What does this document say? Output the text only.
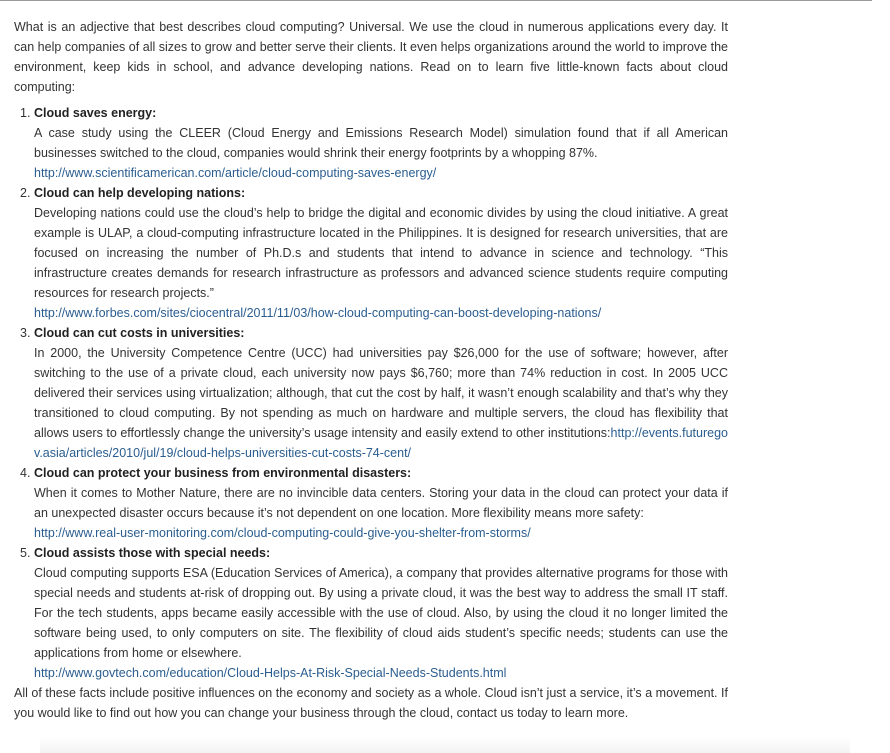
What is an adjective that best describes cloud computing? Universal. We use the cloud in numerous applications every day. It can help companies of all sizes to grow and better serve their clients. It even helps organizations around the world to improve the environment, keep kids in school, and advance developing nations. Read on to learn five little-known facts about cloud computing:

1. Cloud saves energy:

A case study using the CLEER (Cloud Energy and Emissions Research Model) simulation found that if all American businesses switched to the cloud, companies would shrink their energy footprints by a whopping 87%.
http://www.scientificamerican.com/article/cloud-computing-saves-energy/

2. Cloud can help developing nations:

Developing nations could use the cloud’s help to bridge the digital and economic divides by using the cloud initiative. A great example is ULAP, a cloud-computing infrastructure located in the Philippines. It is designed for research universities, that are focused on increasing the number of Ph.D.s and students that intend to advance in science and technology. “This infrastructure creates demands for research infrastructure as professors and advanced science students require computing resources for research projects.”
http://www.forbes.com/sites/ciocentral/2011/11/03/how-cloud-computing-can-boost-developing-nations/

3. Cloud can cut costs in universities:

In 2000, the University Competence Centre (UCC) had universities pay $26,000 for the use of software; however, after switching to the use of a private cloud, each university now pays $6,760; more than 74% reduction in cost. In 2005 UCC delivered their services using virtualization; although, that cut the cost by half, it wasn’t enough scalability and that’s why they transitioned to cloud computing. By not spending as much on hardware and multiple servers, the cloud has flexibility that allows users to effortlessly change the university’s usage intensity and easily extend to other institutions:http://events.futuregov.asia/articles/2010/jul/19/cloud-helps-universities-cut-costs-74-cent/

4. Cloud can protect your business from environmental disasters:

When it comes to Mother Nature, there are no invincible data centers. Storing your data in the cloud can protect your data if an unexpected disaster occurs because it’s not dependent on one location. More flexibility means more safety:
http://www.real-user-monitoring.com/cloud-computing-could-give-you-shelter-from-storms/

5. Cloud assists those with special needs:

Cloud computing supports ESA (Education Services of America), a company that provides alternative programs for those with special needs and students at-risk of dropping out. By using a private cloud, it was the best way to address the small IT staff. For the tech students, apps became easily accessible with the use of cloud. Also, by using the cloud it no longer limited the software being used, to only computers on site. The flexibility of cloud aids student’s specific needs; students can use the applications from home or elsewhere.
http://www.govtech.com/education/Cloud-Helps-At-Risk-Special-Needs-Students.html

All of these facts include positive influences on the economy and society as a whole. Cloud isn’t just a service, it’s a movement. If you would like to find out how you can change your business through the cloud, contact us today to learn more.
